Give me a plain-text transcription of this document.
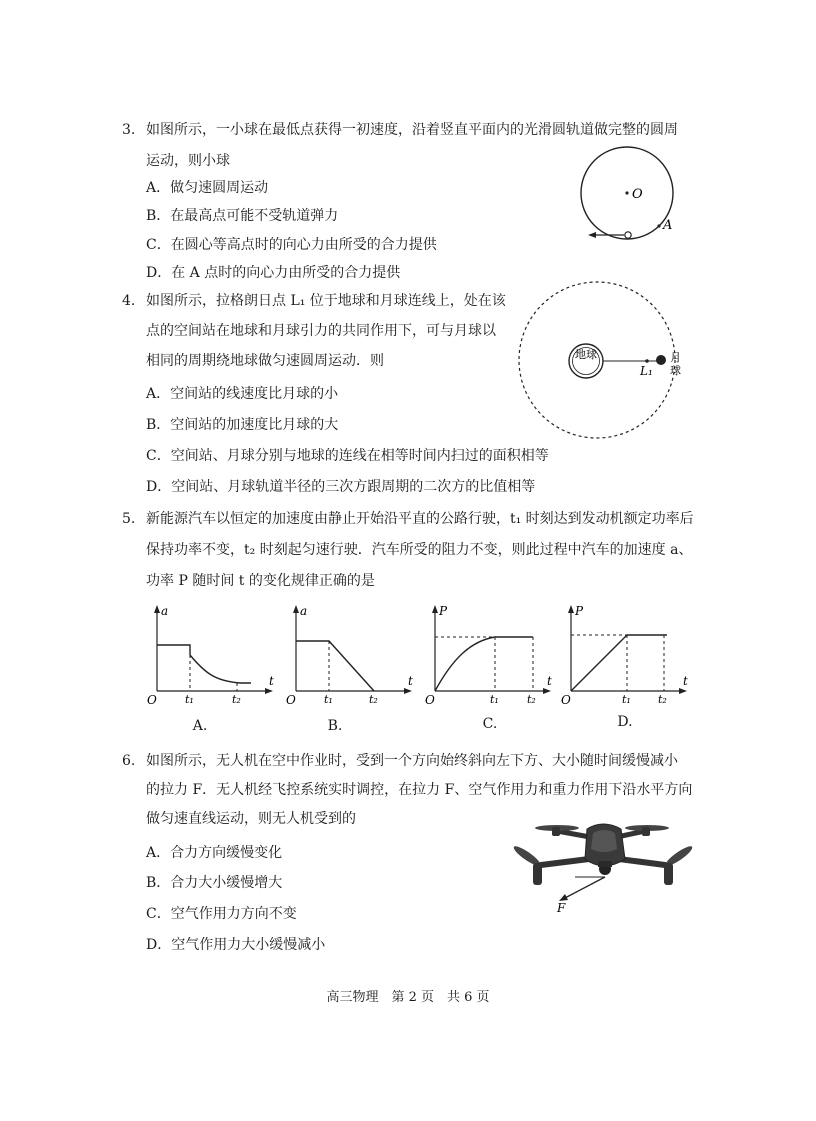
3. 如图所示，一小球在最低点获得一初速度，沿着竖直平面内的光滑圆轨道做完整的圆周
运动，则小球
A．做匀速圆周运动
B．在最高点可能不受轨道弹力
C．在圆心等高点时的向心力由所受的合力提供
D．在 A 点时的向心力由所受的合力提供
O
A
4. 如图所示，拉格朗日点 L₁ 位于地球和月球连线上，处在该
点的空间站在地球和月球引力的共同作用下，可与月球以
相同的周期绕地球做匀速圆周运动．则
A．空间站的线速度比月球的小
B．空间站的加速度比月球的大
C．空间站、月球分别与地球的连线在相等时间内扫过的面积相等
D．空间站、月球轨道半径的三次方跟周期的二次方的比值相等
地球
L₁
月
球
5. 新能源汽车以恒定的加速度由静止开始沿平直的公路行驶，t₁ 时刻达到发动机额定功率后
保持功率不变，t₂ 时刻起匀速行驶．汽车所受的阻力不变，则此过程中汽车的加速度 a、
功率 P 随时间 t 的变化规律正确的是
a
t
O	t₁	t₂
A.
a
t
O	t₁	t₂
B.
P
t
O	t₁	t₂
C.
P
t
O	t₁ t₂
D.
6. 如图所示，无人机在空中作业时，受到一个方向始终斜向左下方、大小随时间缓慢减小
的拉力 F．无人机经飞控系统实时调控，在拉力 F、空气作用力和重力作用下沿水平方向
做匀速直线运动，则无人机受到的
A．合力方向缓慢变化
B．合力大小缓慢增大
C．空气作用力方向不变
D．空气作用力大小缓慢减小
F
高三物理　第 2 页　共 6 页
